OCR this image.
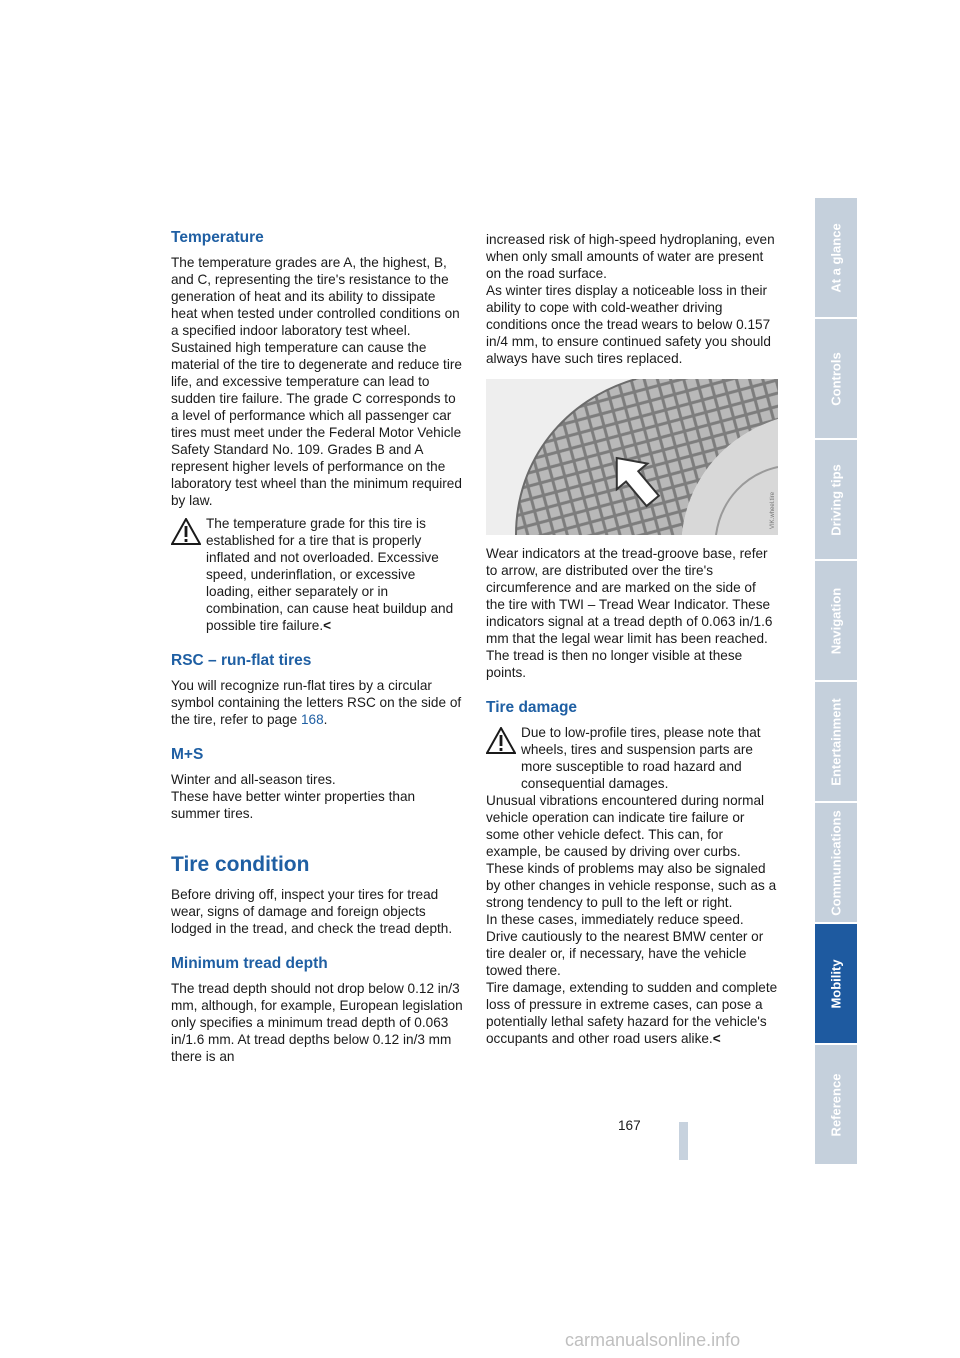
Temperature

The temperature grades are A, the highest, B, and C, representing the tire's resistance to the generation of heat and its ability to dissipate heat when tested under controlled conditions on a specified indoor laboratory test wheel.

Sustained high temperature can cause the material of the tire to degenerate and reduce tire life, and excessive temperature can lead to sudden tire failure. The grade C corresponds to a level of performance which all passenger car tires must meet under the Federal Motor Vehicle Safety Standard No. 109. Grades B and A represent higher levels of performance on the laboratory test wheel than the minimum required by law.

The temperature grade for this tire is established for a tire that is properly inflated and not overloaded. Excessive speed, underinflation, or excessive loading, either separately or in combination, can cause heat buildup and possible tire failure.<

RSC – run-flat tires

You will recognize run-flat tires by a circular symbol containing the letters RSC on the side of the tire, refer to page 168.

M+S

Winter and all-season tires.

These have better winter properties than summer tires.

Tire condition

Before driving off, inspect your tires for tread wear, signs of damage and foreign objects lodged in the tread, and check the tread depth.

Minimum tread depth

The tread depth should not drop below 0.12 in/3 mm, although, for example, European legislation only specifies a minimum tread depth of 0.063 in/1.6 mm. At tread depths below 0.12 in/3 mm there is an

increased risk of high-speed hydroplaning, even when only small amounts of water are present on the road surface.

As winter tires display a noticeable loss in their ability to cope with cold-weather driving conditions once the tread wears to below 0.157 in/4 mm, to ensure continued safety you should always have such tires replaced.

VIK.wheel.tire

Wear indicators at the tread-groove base, refer to arrow, are distributed over the tire's circumference and are marked on the side of the tire with TWI – Tread Wear Indicator. These indicators signal at a tread depth of 0.063 in/1.6 mm that the legal wear limit has been reached. The tread is then no longer visible at these points.

Tire damage

Due to low-profile tires, please note that wheels, tires and suspension parts are more susceptible to road hazard and consequential damages.

Unusual vibrations encountered during normal vehicle operation can indicate tire failure or some other vehicle defect. This can, for example, be caused by driving over curbs. These kinds of problems may also be signaled by other changes in vehicle response, such as a strong tendency to pull to the left or right.

In these cases, immediately reduce speed. Drive cautiously to the nearest BMW center or tire dealer or, if necessary, have the vehicle towed there.

Tire damage, extending to sudden and complete loss of pressure in extreme cases, can pose a potentially lethal safety hazard for the vehicle's occupants and other road users alike.<

167
At a glance
Controls
Driving tips
Navigation
Entertainment
Communications
Mobility
Reference
carmanualsonline.info
